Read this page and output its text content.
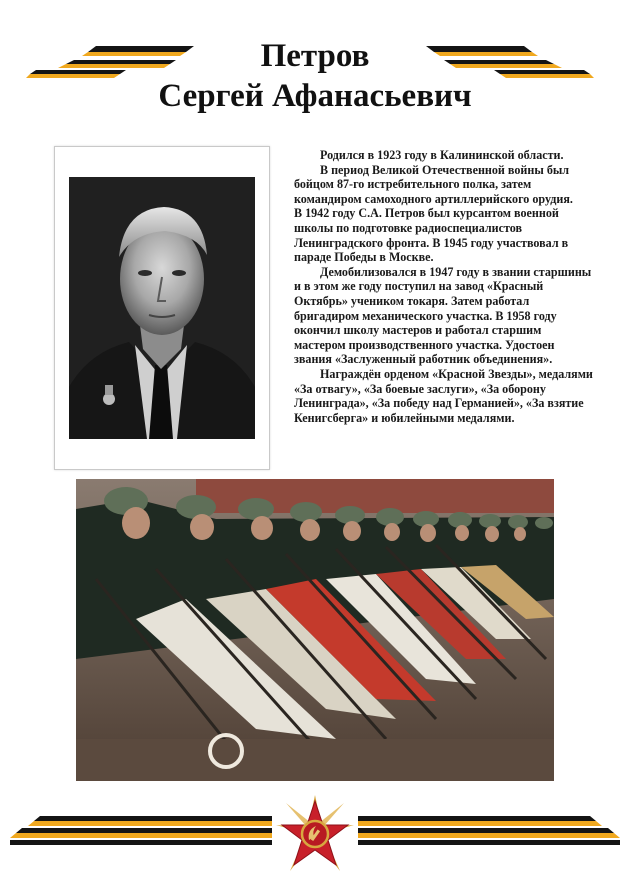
Петров
Сергей Афанасьевич

Родился в 1923 году в Калининской области.

В период Великой Отечественной войны был бойцом 87-го истребительного полка, затем командиром самоходного артиллерийского орудия.

В 1942 году С.А. Петров был курсантом военной школы по подготовке радиоспециалистов Ленинградского фронта. В 1945 году участвовал в параде Победы в Москве.

Демобилизовался в 1947 году в звании старшины и в этом же году поступил на завод «Красный Октябрь» учеником токаря. Затем работал бригадиром механического участка. В 1958 году окончил школу мастеров и работал старшим мастером производственного участка. Удостоен звания «Заслуженный работник объединения».

Награждён орденом «Красной Звезды», медалями «За отвагу», «За боевые заслуги», «За оборону Ленинграда», «За победу над Германией», «За взятие Кенигсберга» и юбилейными медалями.
